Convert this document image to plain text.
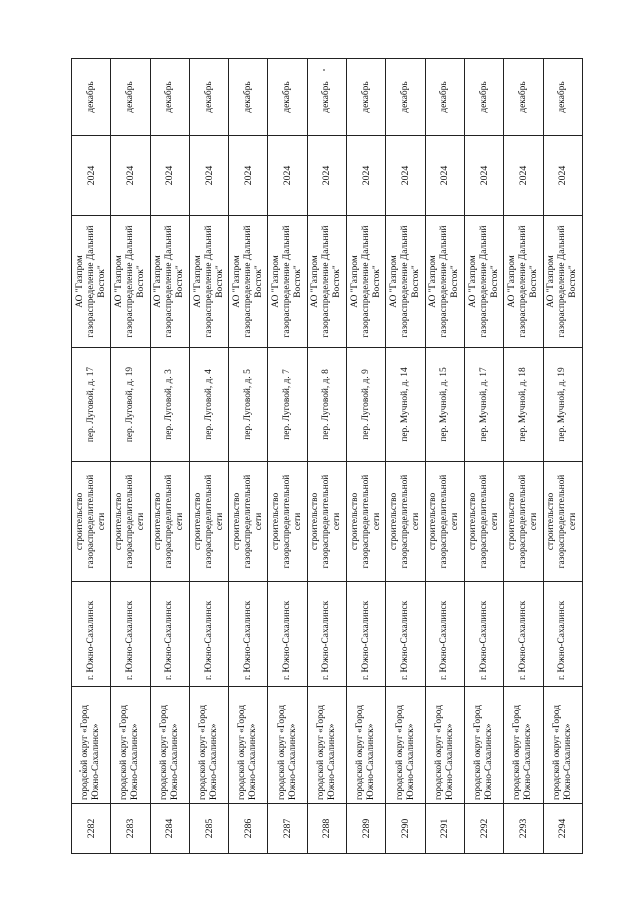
2282	городской округ «Город Южно-Сахалинск»	г. Южно-Сахалинск	строительство газораспределительной сети	пер. Луговой, д. 17	АО "Газпром газораспределение Дальний Восток"	2024	декабрь
2283	городской округ «Город Южно-Сахалинск»	г. Южно-Сахалинск	строительство газораспределительной сети	пер. Луговой, д. 19	АО "Газпром газораспределение Дальний Восток"	2024	декабрь
2284	городской округ «Город Южно-Сахалинск»	г. Южно-Сахалинск	строительство газораспределительной сети	пер. Луговой, д. 3	АО "Газпром газораспределение Дальний Восток"	2024	декабрь
2285	городской округ «Город Южно-Сахалинск»	г. Южно-Сахалинск	строительство газораспределительной сети	пер. Луговой, д. 4	АО "Газпром газораспределение Дальний Восток"	2024	декабрь
2286	городской округ «Город Южно-Сахалинск»	г. Южно-Сахалинск	строительство газораспределительной сети	пер. Луговой, д. 5	АО "Газпром газораспределение Дальний Восток"	2024	декабрь
2287	городской округ «Город Южно-Сахалинск»	г. Южно-Сахалинск	строительство газораспределительной сети	пер. Луговой, д. 7	АО "Газпром газораспределение Дальний Восток"	2024	декабрь
2288	городской округ «Город Южно-Сахалинск»	г. Южно-Сахалинск	строительство газораспределительной сети	пер. Луговой, д. 8	АО "Газпром газораспределение Дальний Восток"	2024	декабрь
2289	городской округ «Город Южно-Сахалинск»	г. Южно-Сахалинск	строительство газораспределительной сети	пер. Луговой, д. 9	АО "Газпром газораспределение Дальний Восток"	2024	декабрь
2290	городской округ «Город Южно-Сахалинск»	г. Южно-Сахалинск	строительство газораспределительной сети	пер. Мучной, д. 14	АО "Газпром газораспределение Дальний Восток"	2024	декабрь
2291	городской округ «Город Южно-Сахалинск»	г. Южно-Сахалинск	строительство газораспределительной сети	пер. Мучной, д. 15	АО "Газпром газораспределение Дальний Восток"	2024	декабрь
2292	городской округ «Город Южно-Сахалинск»	г. Южно-Сахалинск	строительство газораспределительной сети	пер. Мучной, д. 17	АО "Газпром газораспределение Дальний Восток"	2024	декабрь
2293	городской округ «Город Южно-Сахалинск»	г. Южно-Сахалинск	строительство газораспределительной сети	пер. Мучной, д. 18	АО "Газпром газораспределение Дальний Восток"	2024	декабрь
2294	городской округ «Город Южно-Сахалинск»	г. Южно-Сахалинск	строительство газораспределительной сети	пер. Мучной, д. 19	АО "Газпром газораспределение Дальний Восток"	2024	декабрь
